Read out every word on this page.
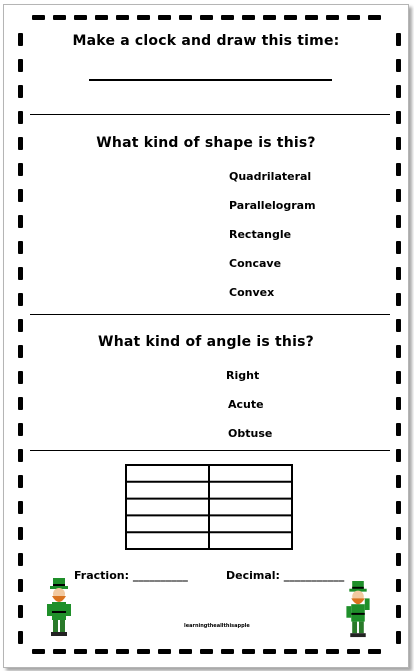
Make a clock and draw this time:
What kind of shape is this?
Quadrilateral
Parallelogram
Rectangle
Concave
Convex
What kind of angle is this?
Right
Acute
Obtuse
Fraction: __________	Decimal: ___________
learningtheallthisapple
